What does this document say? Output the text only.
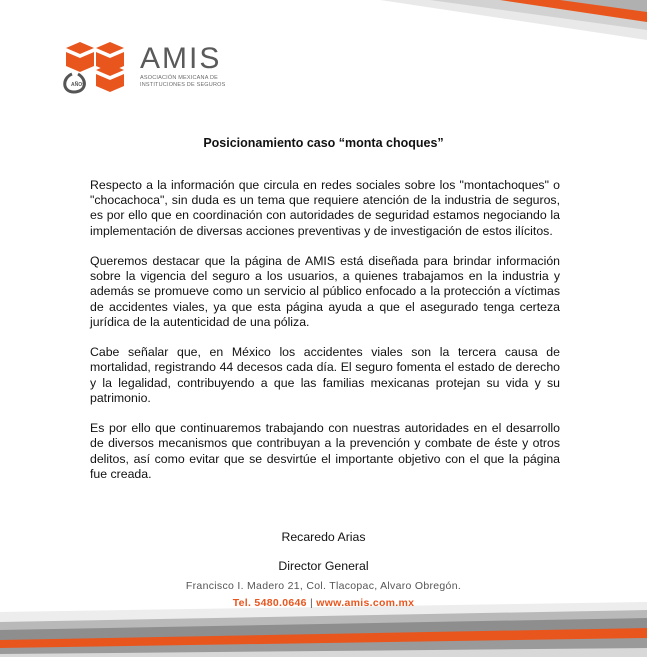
AÑOS
AMIS
ASOCIACIÓN MEXICANA DE
INSTITUCIONES DE SEGUROS
Posicionamiento caso “monta choques”

Respecto a la información que circula en redes sociales sobre los "montachoques" o "chocachoca", sin duda es un tema que requiere atención de la industria de seguros, es por ello que en coordinación con autoridades de seguridad estamos negociando la implementación de diversas acciones preventivas y de investigación de estos ilícitos.

Queremos destacar que la página de AMIS está diseñada para brindar información sobre la vigencia del seguro a los usuarios, a quienes trabajamos en la industria y además se promueve como un servicio al público enfocado a la protección a víctimas de accidentes viales, ya que esta página ayuda a que el asegurado tenga certeza jurídica de la autenticidad de una póliza.

Cabe señalar que, en México los accidentes viales son la tercera causa de mortalidad, registrando 44 decesos cada día. El seguro fomenta el estado de derecho y la legalidad, contribuyendo a que las familias mexicanas protejan su vida y su patrimonio.

Es por ello que continuaremos trabajando con nuestras autoridades en el desarrollo de diversos mecanismos que contribuyan a la prevención y combate de éste y otros delitos, así como evitar que se desvirtúe el importante objetivo con el que la página fue creada.

Recaredo Arias
Director General
Francisco I. Madero 21, Col. Tlacopac, Alvaro Obregón.
Tel. 5480.0646 | www.amis.com.mx
